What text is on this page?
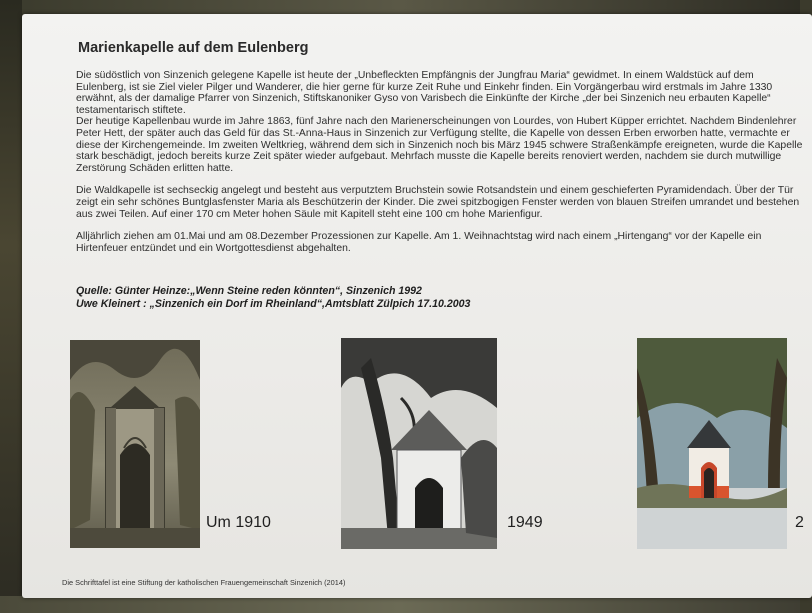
Marienkapelle auf dem Eulenberg

Die südöstlich von Sinzenich gelegene Kapelle ist heute der „Unbefleckten Empfängnis der Jungfrau Maria“ gewidmet. In einem Waldstück auf dem Eulenberg, ist sie Ziel vieler Pilger und Wanderer, die hier gerne für kurze Zeit Ruhe und Einkehr finden. Ein Vorgängerbau wird erstmals im Jahre 1330 erwähnt, als der damalige Pfarrer von Sinzenich, Stiftskanoniker Gyso von Varisbech die Einkünfte der Kirche „der bei Sinzenich neu erbauten Kapelle“ testamentarisch stiftete.
Der heutige Kapellenbau wurde im Jahre 1863, fünf Jahre nach den Marienerscheinungen von Lourdes, von Hubert Küpper errichtet. Nachdem Bindenlehrer Peter Hett, der später auch das Geld für das St.-Anna-Haus in Sinzenich zur Verfügung stellte, die Kapelle von dessen Erben erworben hatte, vermachte er diese der Kirchengemeinde. Im zweiten Weltkrieg, während dem sich in Sinzenich noch bis März 1945 schwere Straßenkämpfe ereigneten, wurde die Kapelle stark beschädigt, jedoch bereits kurze Zeit später wieder aufgebaut. Mehrfach musste die Kapelle bereits renoviert werden, nachdem sie durch mutwillige Zerstörung Schäden erlitten hatte.

Die Waldkapelle ist sechseckig angelegt und besteht aus verputztem Bruchstein sowie Rotsandstein und einem geschieferten Pyramidendach. Über der Tür zeigt ein sehr schönes Buntglasfenster Maria als Beschützerin der Kinder. Die zwei spitzbogigen Fenster werden von blauen Streifen umrandet und bestehen aus zwei Teilen. Auf einer 170 cm Meter hohen Säule mit Kapitell steht eine 100 cm hohe Marienfigur.

Alljährlich ziehen am 01.Mai und am 08.Dezember Prozessionen zur Kapelle. Am 1. Weihnachtstag wird nach einem „Hirtengang“ vor der Kapelle ein Hirtenfeuer entzündet und ein Wortgottesdienst abgehalten.

Quelle: Günter Heinze:„Wenn Steine reden könnten“, Sinzenich 1992
Uwe Kleinert : „Sinzenich ein Dorf im Rheinland“,Amtsblatt Zülpich 17.10.2003
Um 1910	1949	2
Die Schrifttafel ist eine Stiftung der katholischen Frauengemeinschaft Sinzenich (2014)
